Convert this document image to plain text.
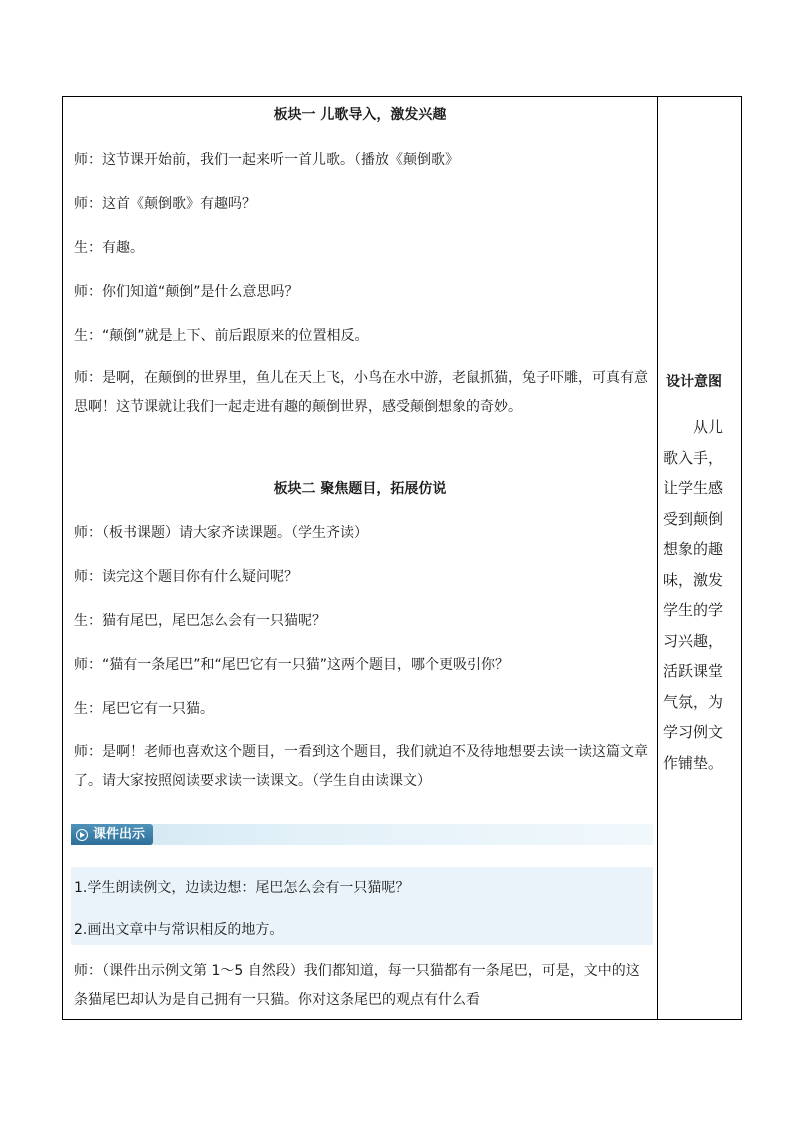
板块一 儿歌导入，激发兴趣
师：这节课开始前，我们一起来听一首儿歌。（播放《颠倒歌》
师：这首《颠倒歌》有趣吗？
生：有趣。
师：你们知道“颠倒”是什么意思吗？
生：“颠倒”就是上下、前后跟原来的位置相反。
师：是啊，在颠倒的世界里，鱼儿在天上飞，小鸟在水中游，老鼠抓猫，兔子吓雕，可真有意思啊！这节课就让我们一起走进有趣的颠倒世界，感受颠倒想象的奇妙。
板块二 聚焦题目，拓展仿说
师：（板书课题）请大家齐读课题。（学生齐读）
师：读完这个题目你有什么疑问呢？
生：猫有尾巴，尾巴怎么会有一只猫呢？
师：“猫有一条尾巴”和“尾巴它有一只猫”这两个题目，哪个更吸引你？
生：尾巴它有一只猫。
师：是啊！老师也喜欢这个题目，一看到这个题目，我们就迫不及待地想要去读一读这篇文章了。请大家按照阅读要求读一读课文。（学生自由读课文）
课件出示
1.学生朗读例文，边读边想：尾巴怎么会有一只猫呢？
2.画出文章中与常识相反的地方。
师：（课件出示例文第 1～5 自然段）我们都知道，每一只猫都有一条尾巴，可是，文中的这条猫尾巴却认为是自己拥有一只猫。你对这条尾巴的观点有什么看
设计意图
从儿歌入手，让学生感受到颠倒想象的趣味，激发学生的学习兴趣，活跃课堂气氛，为学习例文作铺垫。
